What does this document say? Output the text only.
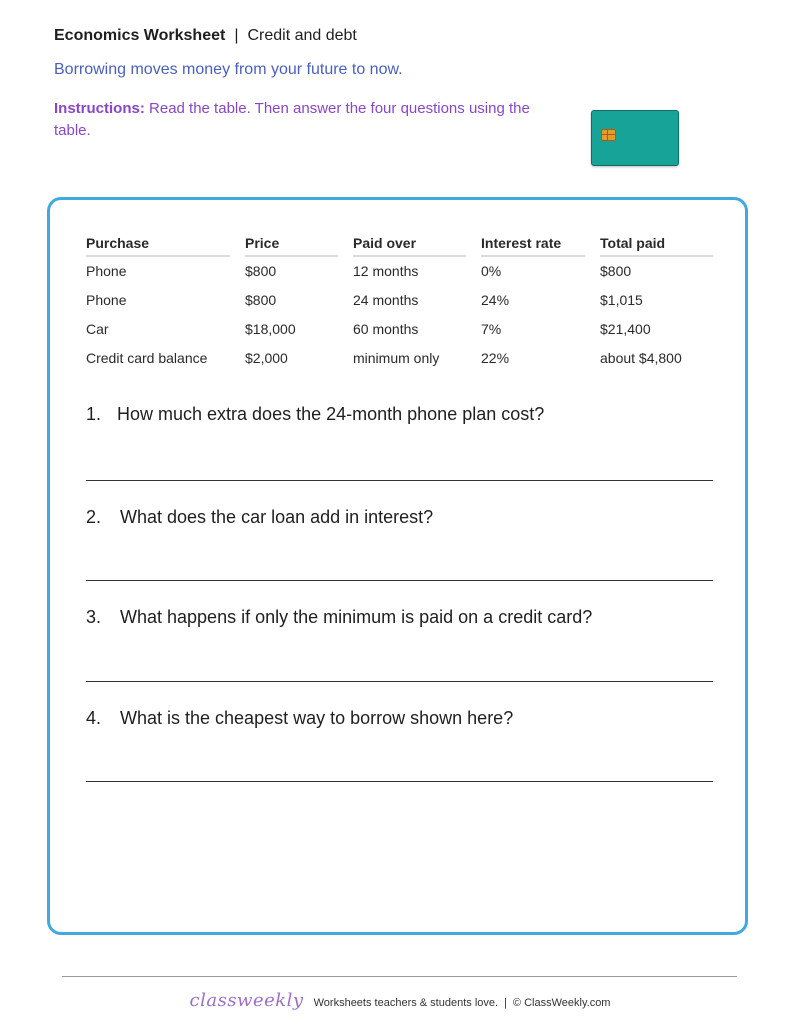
Economics Worksheet | Credit and debt
Borrowing moves money from your future to now.
Instructions: Read the table. Then answer the four questions using the table.
Purchase		Price		Paid over		Interest rate		Total paid
Phone		$800		12 months		0%		$800
Phone		$800		24 months		24%		$1,015
Car		$18,000		60 months		7%		$21,400
Credit card balance		$2,000		minimum only		22%		about $4,800
1. How much extra does the 24-month phone plan cost?
2. What does the car loan add in interest?
3. What happens if only the minimum is paid on a credit card?
4. What is the cheapest way to borrow shown here?
classweekly Worksheets teachers & students love. | © ClassWeekly.com
